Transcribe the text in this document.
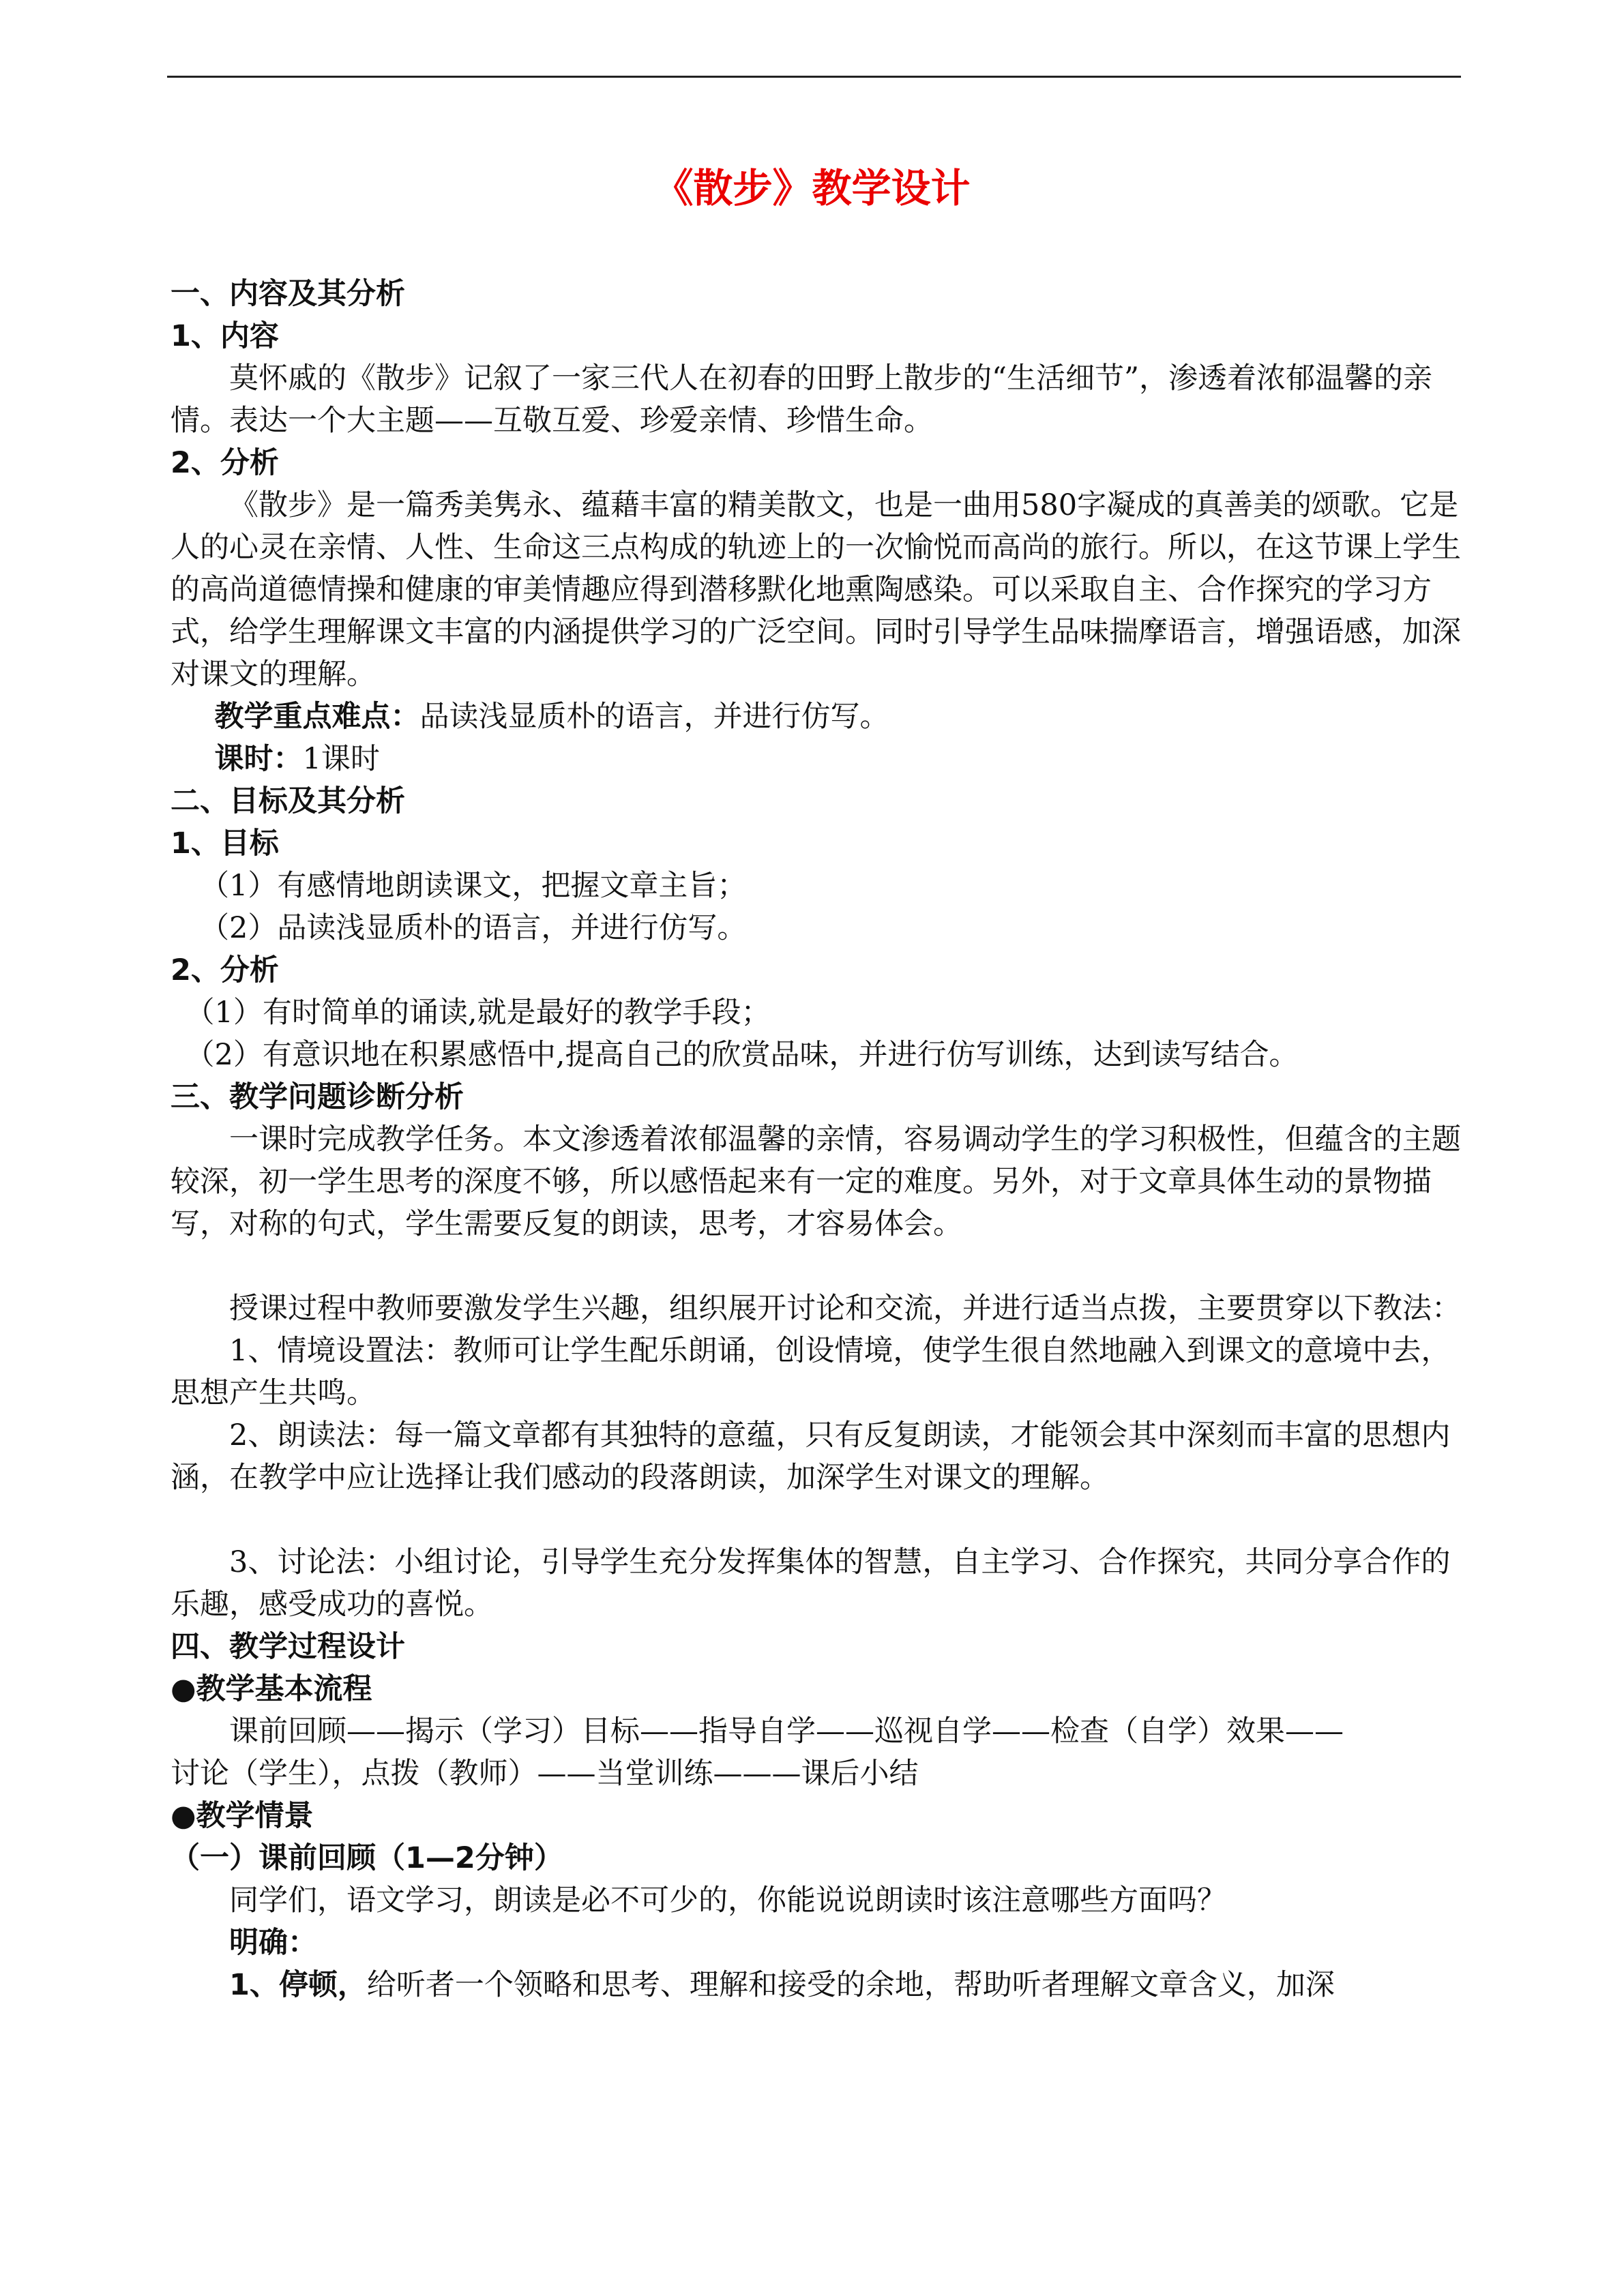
《散步》教学设计

一、内容及其分析

1、内容

莫怀戚的《散步》记叙了一家三代人在初春的田野上散步的“生活细节”，渗透着浓郁温馨的亲情。表达一个大主题——互敬互爱、珍爱亲情、珍惜生命。

2、分析

《散步》是一篇秀美隽永、蕴藉丰富的精美散文，也是一曲用580字凝成的真善美的颂歌。它是人的心灵在亲情、人性、生命这三点构成的轨迹上的一次愉悦而高尚的旅行。所以，在这节课上学生的高尚道德情操和健康的审美情趣应得到潜移默化地熏陶感染。可以采取自主、合作探究的学习方式，给学生理解课文丰富的内涵提供学习的广泛空间。同时引导学生品味揣摩语言，增强语感，加深对课文的理解。

教学重点难点：品读浅显质朴的语言，并进行仿写。

课时：1课时

二、目标及其分析

1、目标

（1）有感情地朗读课文，把握文章主旨；

（2）品读浅显质朴的语言，并进行仿写。

2、分析

（1）有时简单的诵读,就是最好的教学手段；

（2）有意识地在积累感悟中,提高自己的欣赏品味，并进行仿写训练，达到读写结合。

三、教学问题诊断分析

一课时完成教学任务。本文渗透着浓郁温馨的亲情，容易调动学生的学习积极性，但蕴含的主题较深，初一学生思考的深度不够，所以感悟起来有一定的难度。另外，对于文章具体生动的景物描写，对称的句式，学生需要反复的朗读，思考，才容易体会。

授课过程中教师要激发学生兴趣，组织展开讨论和交流，并进行适当点拨，主要贯穿以下教法：

1、情境设置法：教师可让学生配乐朗诵，创设情境，使学生很自然地融入到课文的意境中去，思想产生共鸣。

2、朗读法：每一篇文章都有其独特的意蕴，只有反复朗读，才能领会其中深刻而丰富的思想内涵，在教学中应让选择让我们感动的段落朗读，加深学生对课文的理解。

3、讨论法：小组讨论，引导学生充分发挥集体的智慧，自主学习、合作探究，共同分享合作的乐趣，感受成功的喜悦。

四、教学过程设计

●教学基本流程

课前回顾——揭示（学习）目标——指导自学——巡视自学——检查（自学）效果——

讨论（学生），点拨（教师）——当堂训练———课后小结

●教学情景

（一）课前回顾（1—2分钟）

同学们，语文学习，朗读是必不可少的，你能说说朗读时该注意哪些方面吗？

明确：

1、停顿，给听者一个领略和思考、理解和接受的余地，帮助听者理解文章含义，加深
